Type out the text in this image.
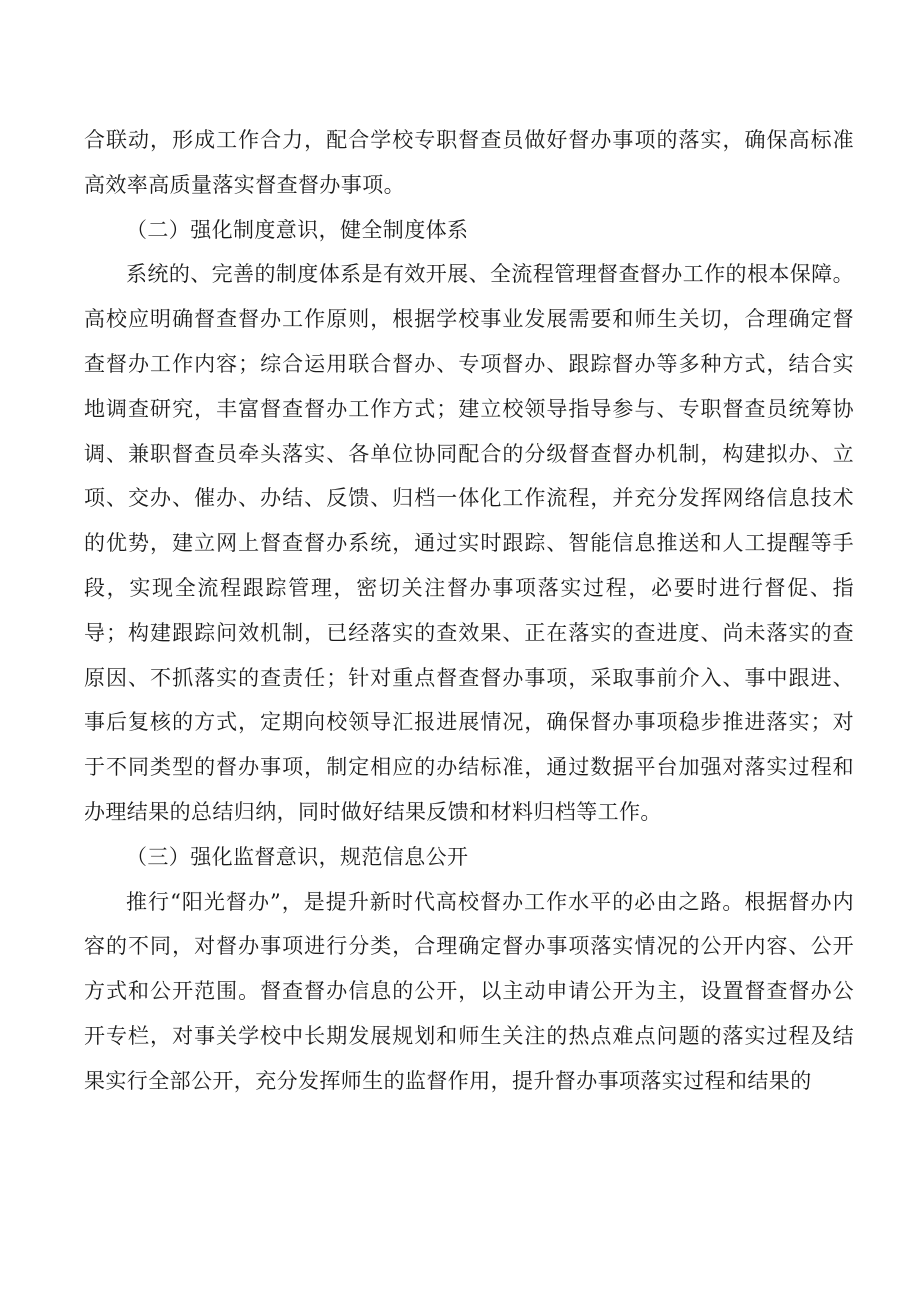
合联动，形成工作合力，配合学校专职督查员做好督办事项的落实，确保高标准高效率高质量落实督查督办事项。

（二）强化制度意识，健全制度体系

系统的、完善的制度体系是有效开展、全流程管理督查督办工作的根本保障。高校应明确督查督办工作原则，根据学校事业发展需要和师生关切，合理确定督查督办工作内容；综合运用联合督办、专项督办、跟踪督办等多种方式，结合实地调查研究，丰富督查督办工作方式；建立校领导指导参与、专职督查员统筹协调、兼职督查员牵头落实、各单位协同配合的分级督查督办机制，构建拟办、立项、交办、催办、办结、反馈、归档一体化工作流程，并充分发挥网络信息技术的优势，建立网上督查督办系统，通过实时跟踪、智能信息推送和人工提醒等手段，实现全流程跟踪管理，密切关注督办事项落实过程，必要时进行督促、指导；构建跟踪问效机制，已经落实的查效果、正在落实的查进度、尚未落实的查原因、不抓落实的查责任；针对重点督查督办事项，采取事前介入、事中跟进、事后复核的方式，定期向校领导汇报进展情况，确保督办事项稳步推进落实；对于不同类型的督办事项，制定相应的办结标准，通过数据平台加强对落实过程和办理结果的总结归纳，同时做好结果反馈和材料归档等工作。

（三）强化监督意识，规范信息公开

推行“阳光督办”，是提升新时代高校督办工作水平的必由之路。根据督办内容的不同，对督办事项进行分类，合理确定督办事项落实情况的公开内容、公开方式和公开范围。督查督办信息的公开，以主动申请公开为主，设置督查督办公开专栏，对事关学校中长期发展规划和师生关注的热点难点问题的落实过程及结果实行全部公开，充分发挥师生的监督作用，提升督办事项落实过程和结果的
